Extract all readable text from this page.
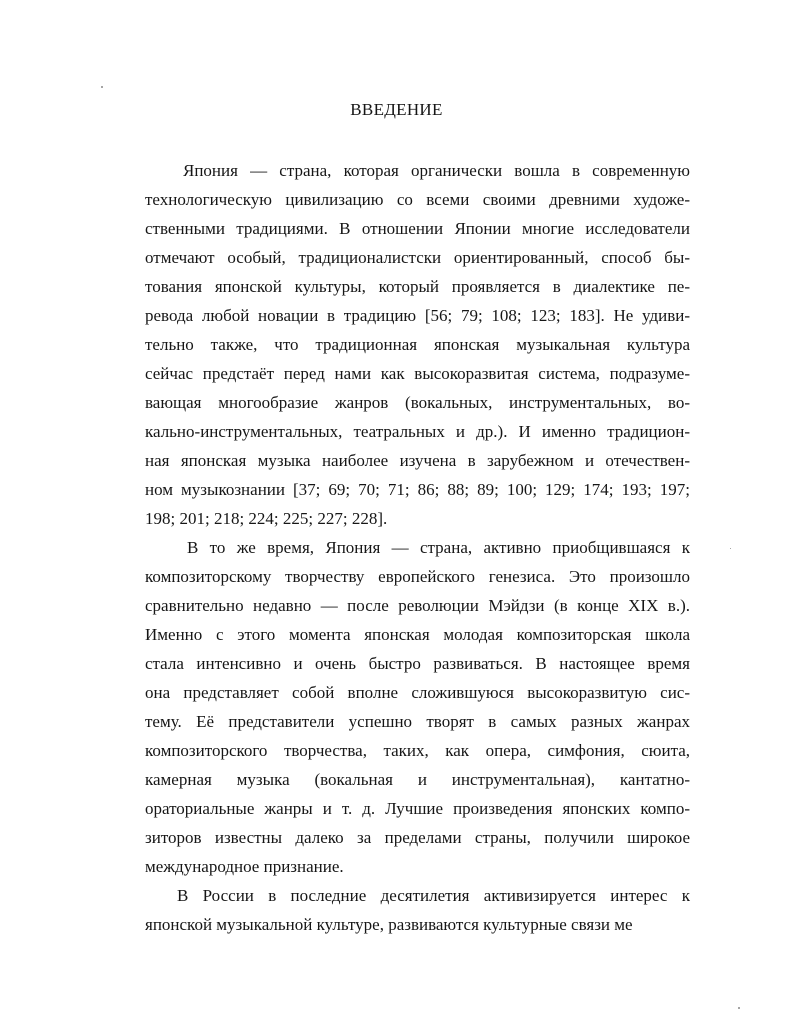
ВВЕДЕНИЕ
Япония — страна, которая органически вошла в современную
технологическую цивилизацию со всеми своими древними художе-
ственными традициями. В отношении Японии многие исследователи
отмечают особый, традиционалистски ориентированный, способ бы-
тования японской культуры, который проявляется в диалектике пе-
ревода любой новации в традицию [56; 79; 108; 123; 183]. Не удиви-
тельно также, что традиционная японская музыкальная культура
сейчас предстаёт перед нами как высокоразвитая система, подразуме-
вающая многообразие жанров (вокальных, инструментальных, во-
кально-инструментальных, театральных и др.). И именно традицион-
ная японская музыка наиболее изучена в зарубежном и отечествен-
ном музыкознании [37; 69; 70; 71; 86; 88; 89; 100; 129; 174; 193; 197;
198; 201; 218; 224; 225; 227; 228].
В то же время, Япония — страна, активно приобщившаяся к
композиторскому творчеству европейского генезиса. Это произошло
сравнительно недавно — после революции Мэйдзи (в конце XIX в.).
Именно с этого момента японская молодая композиторская школа
стала интенсивно и очень быстро развиваться. В настоящее время
она представляет собой вполне сложившуюся высокоразвитую сис-
тему. Её представители успешно творят в самых разных жанрах
композиторского творчества, таких, как опера, симфония, сюита,
камерная музыка (вокальная и инструментальная), кантатно-
ораториальные жанры и т. д. Лучшие произведения японских компо-
зиторов известны далеко за пределами страны, получили широкое
международное признание.
В России в последние десятилетия активизируется интерес к
японской музыкальной культуре, развиваются культурные связи ме
